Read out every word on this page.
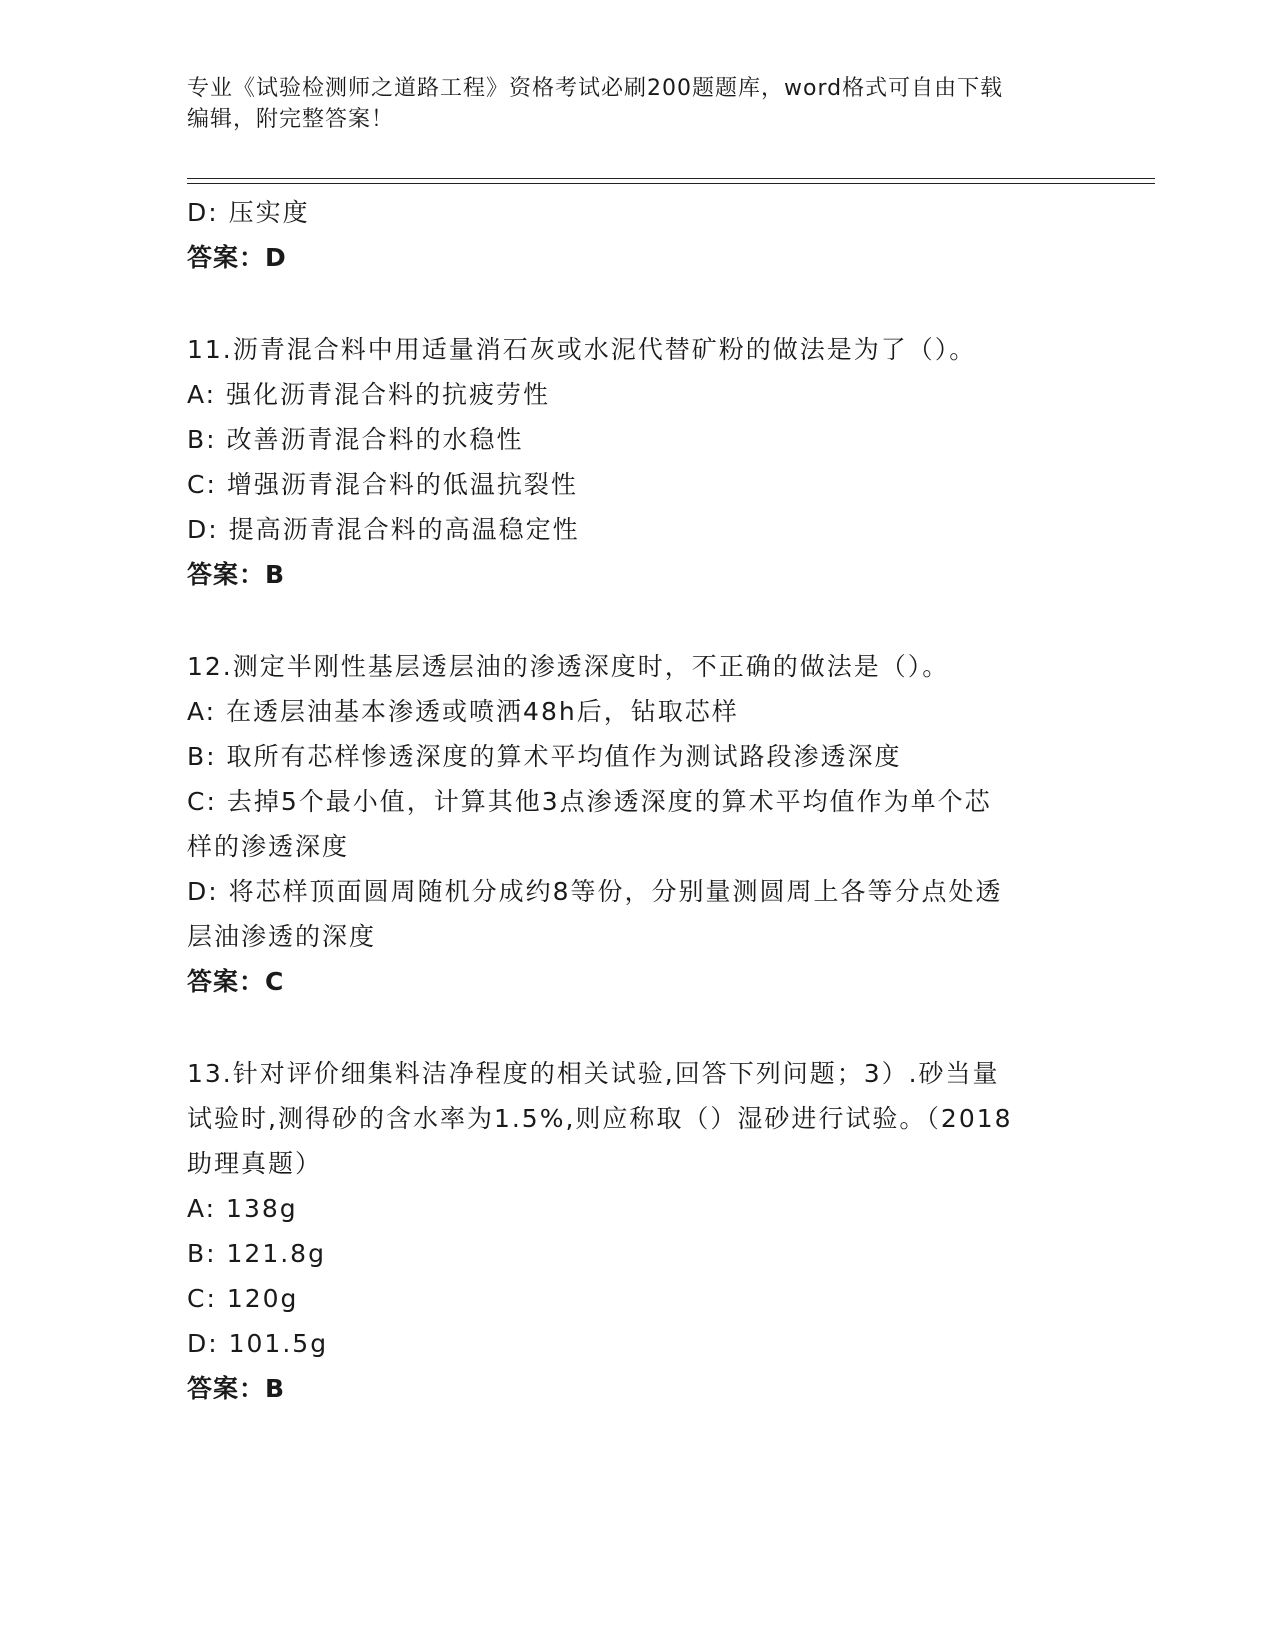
专业《试验检测师之道路工程》资格考试必刷200题题库，word格式可自由下载
编辑，附完整答案！
D: 压实度
答案：D
11.沥青混合料中用适量消石灰或水泥代替矿粉的做法是为了（）。
A: 强化沥青混合料的抗疲劳性
B: 改善沥青混合料的水稳性
C: 增强沥青混合料的低温抗裂性
D: 提高沥青混合料的高温稳定性
答案：B
12.测定半刚性基层透层油的渗透深度时，不正确的做法是（）。
A: 在透层油基本渗透或喷洒48h后，钻取芯样
B: 取所有芯样惨透深度的算术平均值作为测试路段渗透深度
C: 去掉5个最小值，计算其他3点渗透深度的算术平均值作为单个芯
样的渗透深度
D: 将芯样顶面圆周随机分成约8等份，分别量测圆周上各等分点处透
层油渗透的深度
答案：C
13.针对评价细集料洁净程度的相关试验,回答下列问题；3）.砂当量
试验时,测得砂的含水率为1.5%,则应称取（）湿砂进行试验。（2018
助理真题）
A: 138g
B: 121.8g
C: 120g
D: 101.5g
答案：B
